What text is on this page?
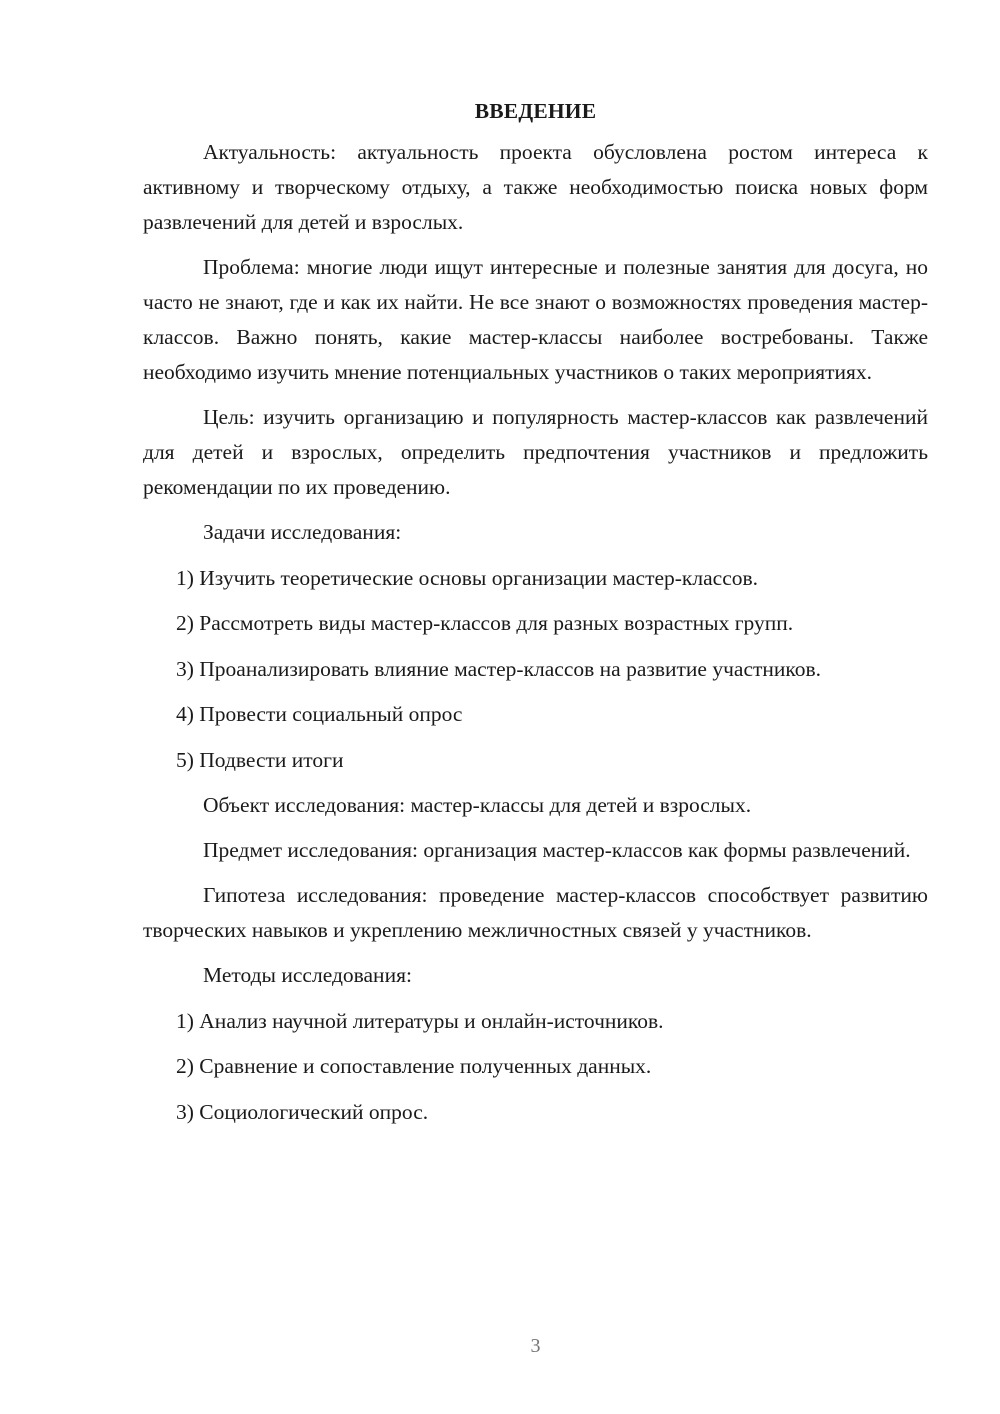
ВВЕДЕНИЕ

Актуальность: актуальность проекта обусловлена ростом интереса к активному и творческому отдыху, а также необходимостью поиска новых форм развлечений для детей и взрослых.

Проблема: многие люди ищут интересные и полезные занятия для досуга, но часто не знают, где и как их найти. Не все знают о возможностях проведения мастер-классов. Важно понять, какие мастер-классы наиболее востребованы. Также необходимо изучить мнение потенциальных участников о таких мероприятиях.

Цель: изучить организацию и популярность мастер-классов как развлечений для детей и взрослых, определить предпочтения участников и предложить рекомендации по их проведению.

Задачи исследования:
1) Изучить теоретические основы организации мастер-классов.
2) Рассмотреть виды мастер-классов для разных возрастных групп.
3) Проанализировать влияние мастер-классов на развитие участников.
4) Провести социальный опрос
5) Подвести итоги

Объект исследования: мастер-классы для детей и взрослых.

Предмет исследования: организация мастер-классов как формы развлечений.

Гипотеза исследования: проведение мастер-классов способствует развитию творческих навыков и укреплению межличностных связей у участников.

Методы исследования:
1) Анализ научной литературы и онлайн-источников.
2) Сравнение и сопоставление полученных данных.
3) Социологический опрос.
3
